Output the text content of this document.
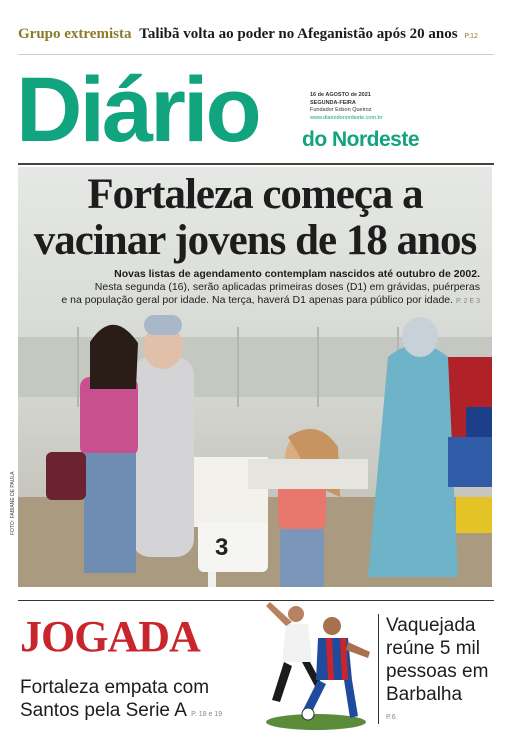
Grupo extremista Talibã volta ao poder no Afeganistão após 20 anos P.12
Diário	16 de AGOSTO de 2021
SEGUNDA-FEIRA
Fundador Edson Queiroz
www.diariodonordeste.com.br
do Nordeste
3
FOTO: FABIANE DE PAULA
Fortaleza começa a
vacinar jovens de 18 anos
Novas listas de agendamento contemplam nascidos até outubro de 2002.
Nesta segunda (16), serão aplicadas primeiras doses (D1) em grávidas, puérperas
e na população geral por idade. Na terça, haverá D1 apenas para público por idade. P. 2 E 3
JOGADA
Fortaleza empata com Santos pela Serie A P. 18 e 19
Vaquejada reúne 5 mil pessoas em Barbalha
P.6
